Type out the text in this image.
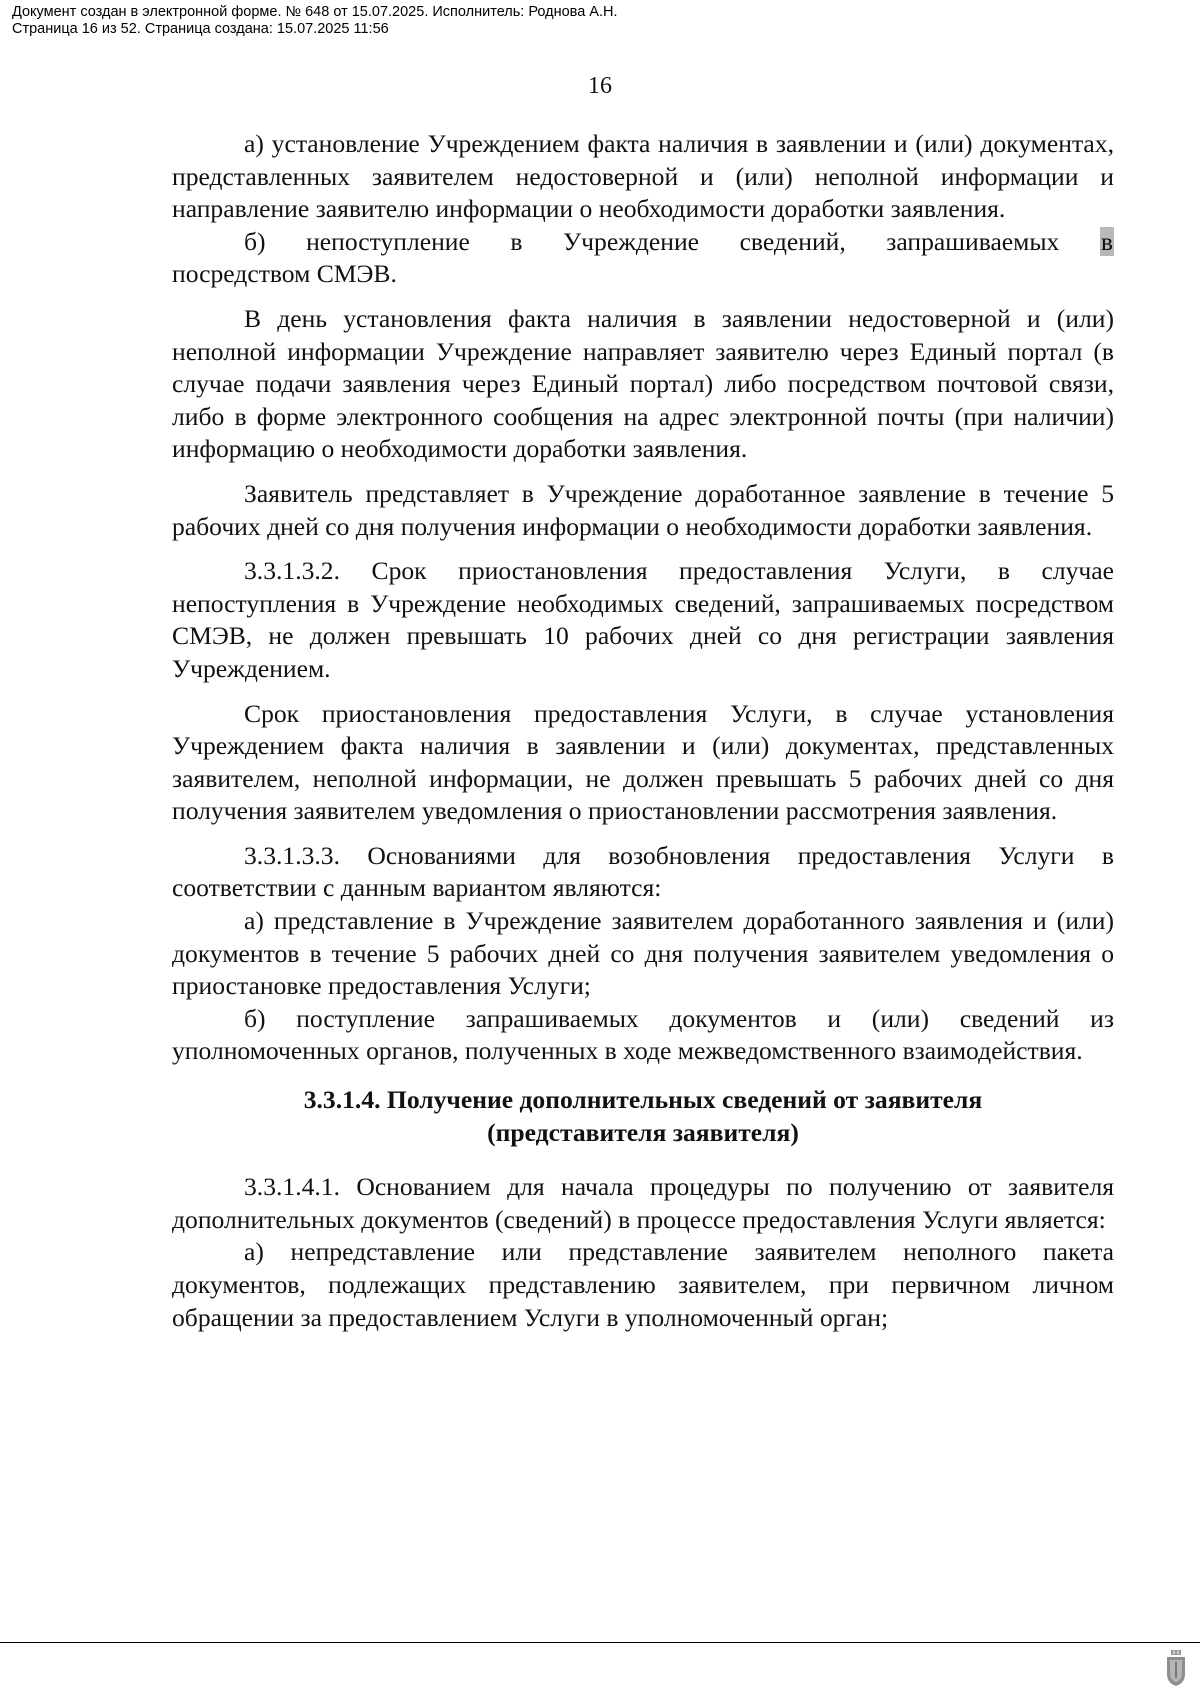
16

а) установление Учреждением факта наличия в заявлении и (или) документах, представленных заявителем недостоверной и (или) неполной информации и направление заявителю информации о необходимости доработки заявления.

б) непоступление в Учреждение сведений, запрашиваемых в

посредством СМЭВ.

В день установления факта наличия в заявлении недостоверной и (или) неполной информации Учреждение направляет заявителю через Единый портал (в случае подачи заявления через Единый портал) либо посредством почтовой связи, либо в форме электронного сообщения на адрес электронной почты (при наличии) информацию о необходимости доработки заявления.

Заявитель представляет в Учреждение доработанное заявление в течение 5 рабочих дней со дня получения информации о необходимости доработки заявления.

3.3.1.3.2. Срок приостановления предоставления Услуги, в случае непоступления в Учреждение необходимых сведений, запрашиваемых посредством СМЭВ, не должен превышать 10 рабочих дней со дня регистрации заявления Учреждением.

Срок приостановления предоставления Услуги, в случае установления Учреждением факта наличия в заявлении и (или) документах, представленных заявителем, неполной информации, не должен превышать 5 рабочих дней со дня получения заявителем уведомления о приостановлении рассмотрения заявления.

3.3.1.3.3. Основаниями для возобновления предоставления Услуги в соответствии с данным вариантом являются:

а) представление в Учреждение заявителем доработанного заявления и (или) документов в течение 5 рабочих дней со дня получения заявителем уведомления о приостановке предоставления Услуги;

б) поступление запрашиваемых документов и (или) сведений из уполномоченных органов, полученных в ходе межведомственного взаимодействия.

3.3.1.4. Получение дополнительных сведений от заявителя
(представителя заявителя)

3.3.1.4.1. Основанием для начала процедуры по получению от заявителя дополнительных документов (сведений) в процессе предоставления Услуги является:

а) непредставление или представление заявителем неполного пакета документов, подлежащих представлению заявителем, при первичном личном обращении за предоставлением Услуги в уполномоченный орган;

Документ создан в электронной форме. № 648 от 15.07.2025. Исполнитель: Роднова А.Н.
Страница 16 из 52. Страница создана: 15.07.2025 11:56
